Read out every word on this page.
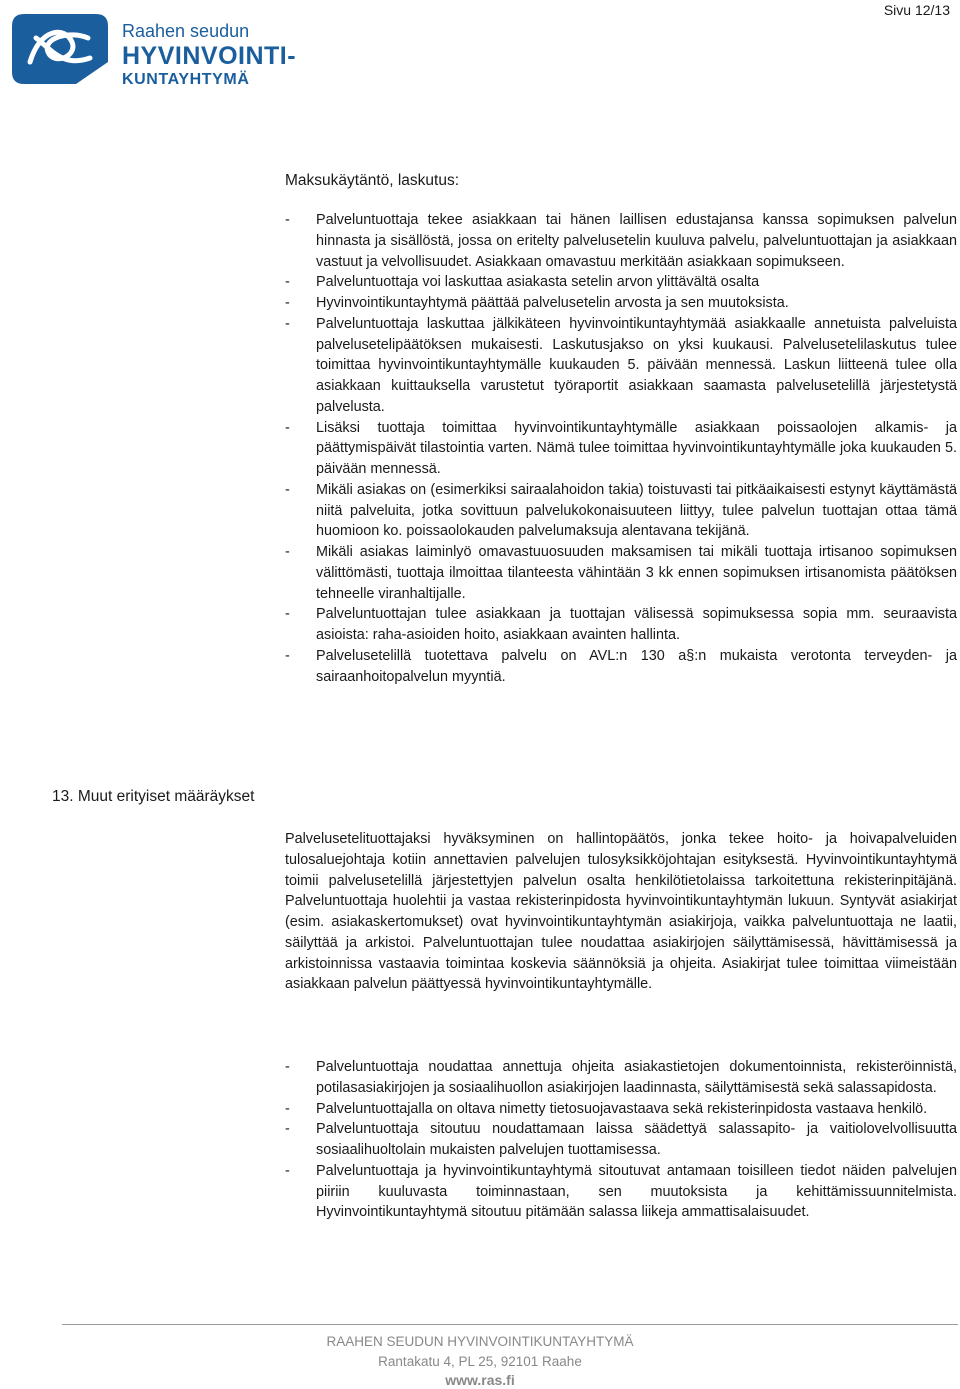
Raahen seudun
HYVINVOINTI-
KUNTAYHTYMÄ
Sivu 12/13
Maksukäytäntö, laskutus:
- Palveluntuottaja tekee asiakkaan tai hänen laillisen edustajansa kanssa sopimuksen palvelun hinnasta ja sisällöstä, jossa on eritelty palvelusetelin kuuluva palvelu, palveluntuottajan ja asiakkaan vastuut ja velvollisuudet. Asiakkaan omavastuu merkitään asiakkaan sopimukseen.
- Palveluntuottaja voi laskuttaa asiakasta setelin arvon ylittävältä osalta
- Hyvinvointikuntayhtymä päättää palvelusetelin arvosta ja sen muutoksista.
- Palveluntuottaja laskuttaa jälkikäteen hyvinvointikuntayhtymää asiakkaalle annetuista palveluista palvelusetelipäätöksen mukaisesti. Laskutusjakso on yksi kuukausi. Palvelusetelilaskutus tulee toimittaa hyvinvointikuntayhtymälle kuukauden 5. päivään mennessä. Laskun liitteenä tulee olla asiakkaan kuittauksella varustetut työraportit asiakkaan saamasta palvelusetelillä järjestetystä palvelusta.
- Lisäksi tuottaja toimittaa hyvinvointikuntayhtymälle asiakkaan poissaolojen alkamis- ja päättymispäivät tilastointia varten. Nämä tulee toimittaa hyvinvointikuntayhtymälle joka kuukauden 5. päivään mennessä.
- Mikäli asiakas on (esimerkiksi sairaalahoidon takia) toistuvasti tai pitkäaikaisesti estynyt käyttämästä niitä palveluita, jotka sovittuun palvelukokonaisuuteen liittyy, tulee palvelun tuottajan ottaa tämä huomioon ko. poissaolokauden palvelumaksuja alentavana tekijänä.
- Mikäli asiakas laiminlyö omavastuuosuuden maksamisen tai mikäli tuottaja irtisanoo sopimuksen välittömästi, tuottaja ilmoittaa tilanteesta vähintään 3 kk ennen sopimuksen irtisanomista päätöksen tehneelle viranhaltijalle.
- Palveluntuottajan tulee asiakkaan ja tuottajan välisessä sopimuksessa sopia mm. seuraavista asioista: raha-asioiden hoito, asiakkaan avainten hallinta.
- Palvelusetelillä tuotettava palvelu on AVL:n 130 a§:n mukaista verotonta terveyden- ja sairaanhoitopalvelun myyntiä.
13. Muut erityiset määräykset
Palvelusetelituottajaksi hyväksyminen on hallintopäätös, jonka tekee hoito- ja hoivapalveluiden tulosaluejohtaja kotiin annettavien palvelujen tulosyksikköjohtajan esityksestä. Hyvinvointikuntayhtymä toimii palvelusetelillä järjestettyjen palvelun osalta henkilötietolaissa tarkoitettuna rekisterinpitäjänä. Palveluntuottaja huolehtii ja vastaa rekisterinpidosta hyvinvointikuntayhtymän lukuun. Syntyvät asiakirjat (esim. asiakaskertomukset) ovat hyvinvointikuntayhtymän asiakirjoja, vaikka palveluntuottaja ne laatii, säilyttää ja arkistoi. Palveluntuottajan tulee noudattaa asiakirjojen säilyttämisessä, hävittämisessä ja arkistoinnissa vastaavia toimintaa koskevia säännöksiä ja ohjeita. Asiakirjat tulee toimittaa viimeistään asiakkaan palvelun päättyessä hyvinvointikuntayhtymälle.
- Palveluntuottaja noudattaa annettuja ohjeita asiakastietojen dokumentoinnista, rekisteröinnistä, potilasasiakirjojen ja sosiaalihuollon asiakirjojen laadinnasta, säilyttämisestä sekä salassapidosta.
- Palveluntuottajalla on oltava nimetty tietosuojavastaava sekä rekisterinpidosta vastaava henkilö.
- Palveluntuottaja sitoutuu noudattamaan laissa säädettyä salassapito- ja vaitiolovelvollisuutta sosiaalihuoltolain mukaisten palvelujen tuottamisessa.
- Palveluntuottaja ja hyvinvointikuntayhtymä sitoutuvat antamaan toisilleen tiedot näiden palvelujen piiriin kuuluvasta toiminnastaan, sen muutoksista ja kehittämissuunnitelmista. Hyvinvointikuntayhtymä sitoutuu pitämään salassa liikeja ammattisalaisuudet.
RAAHEN SEUDUN HYVINVOINTIKUNTAYHTYMÄ
Rantakatu 4, PL 25, 92101 Raahe
www.ras.fi
